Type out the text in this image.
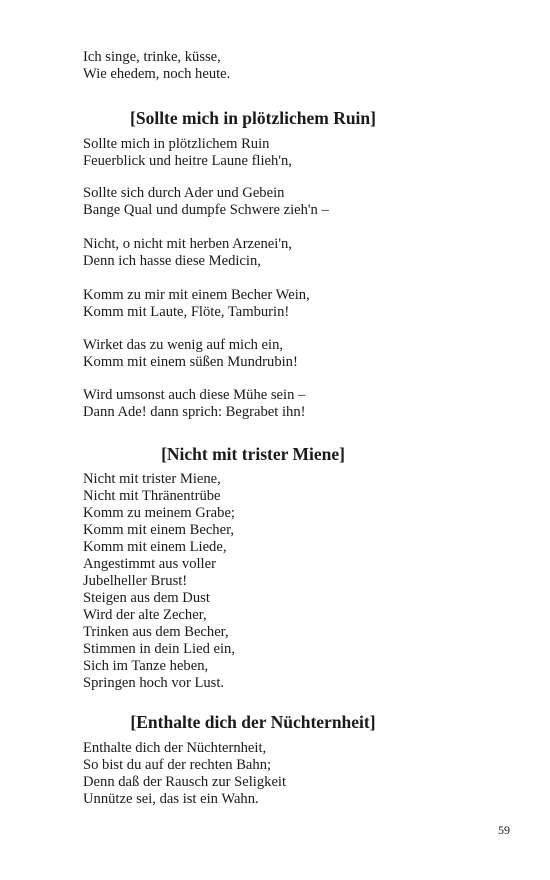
Ich singe, trinke, küsse,
Wie ehedem, noch heute.
[Sollte mich in plötzlichem Ruin]
Sollte mich in plötzlichem Ruin
Feuerblick und heitre Laune flieh'n,
Sollte sich durch Ader und Gebein
Bange Qual und dumpfe Schwere zieh'n –
Nicht, o nicht mit herben Arzenei'n,
Denn ich hasse diese Medicin,
Komm zu mir mit einem Becher Wein,
Komm mit Laute, Flöte, Tamburin!
Wirket das zu wenig auf mich ein,
Komm mit einem süßen Mundrubin!
Wird umsonst auch diese Mühe sein –
Dann Ade! dann sprich: Begrabet ihn!
[Nicht mit trister Miene]
Nicht mit trister Miene,
Nicht mit Thränentrübe
Komm zu meinem Grabe;
Komm mit einem Becher,
Komm mit einem Liede,
Angestimmt aus voller
Jubelheller Brust!
Steigen aus dem Dust
Wird der alte Zecher,
Trinken aus dem Becher,
Stimmen in dein Lied ein,
Sich im Tanze heben,
Springen hoch vor Lust.
[Enthalte dich der Nüchternheit]
Enthalte dich der Nüchternheit,
So bist du auf der rechten Bahn;
Denn daß der Rausch zur Seligkeit
Unnütze sei, das ist ein Wahn.
59
